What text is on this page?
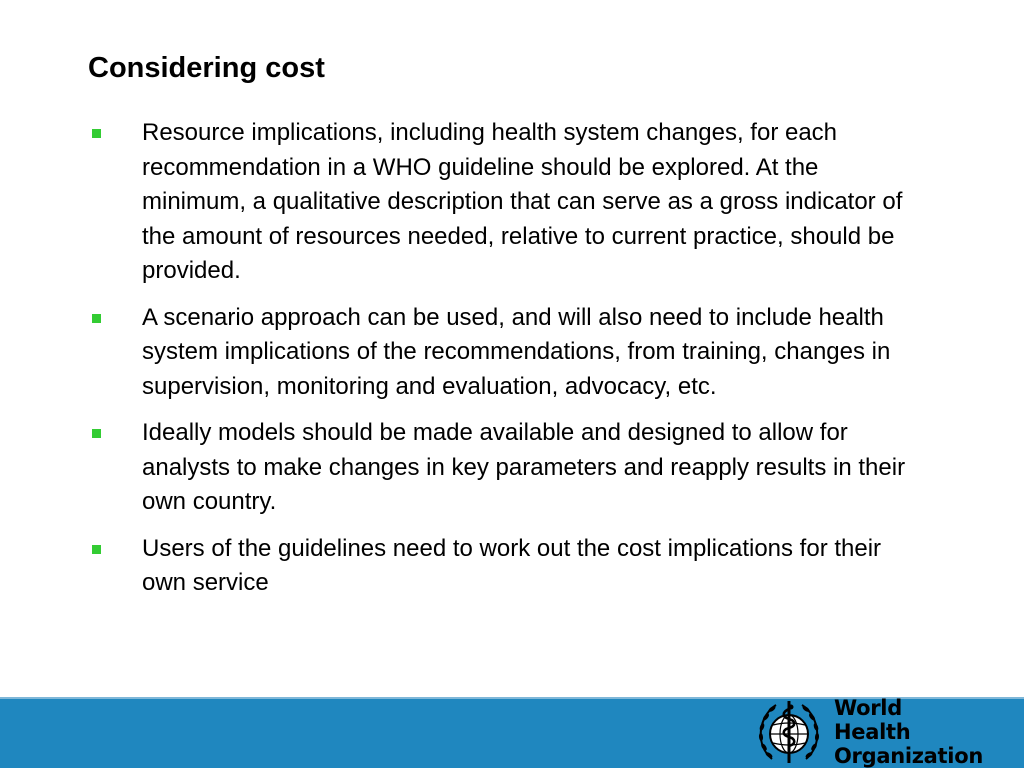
Considering cost
Resource implications, including health system changes, for each recommendation in a WHO guideline should be explored. At the minimum, a qualitative description that can serve as a gross indicator of the amount of resources needed, relative to current practice, should be provided.
A scenario approach can be used, and will also need to include health system implications of the recommendations, from training, changes in supervision, monitoring and evaluation, advocacy, etc.
Ideally models should be made available and designed to allow for analysts to make changes in key parameters and reapply results in their own country.
Users of the guidelines need to work out the cost implications for their own service
World Health
Organization
